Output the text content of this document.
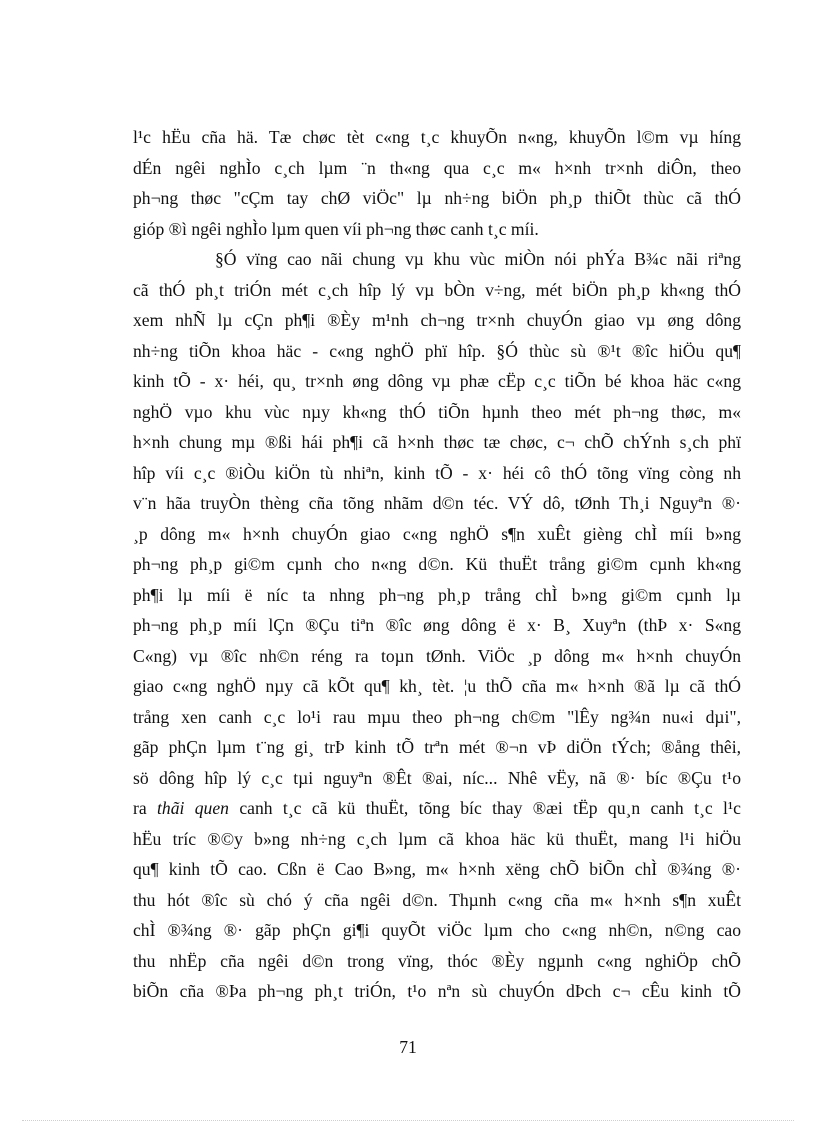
l¹c hËu cña hä. Tæ chøc tèt c«ng t¸c khuyÕn n«ng, khuyÕn l©m vµ híng
dÉn ngêi nghÌo c¸ch lµm ¨n th«ng qua c¸c m« h×nh tr×nh diÔn, theo
ph¬ng thøc "cÇm tay chØ viÖc" lµ nh÷ng biÖn ph¸p thiÕt thùc cã thÓ
gióp ®ì ngêi nghÌo lµm quen víi ph¬ng thøc canh t¸c míi.
§Ó vïng cao nãi chung vµ khu vùc miÒn nói phÝa B¾c nãi riªng
cã thÓ ph¸t triÓn mét c¸ch hîp lý vµ bÒn v÷ng, mét biÖn ph¸p kh«ng thÓ
xem nhÑ lµ cÇn ph¶i ®Èy m¹nh ch¬ng tr×nh chuyÓn giao vµ øng dông
nh÷ng tiÕn khoa häc - c«ng nghÖ phï hîp. §Ó thùc sù ®¹t ®îc hiÖu qu¶
kinh tÕ - x· héi, qu¸ tr×nh øng dông vµ phæ cËp c¸c tiÕn bé khoa häc c«ng
nghÖ vµo khu vùc nµy kh«ng thÓ tiÕn hµnh theo mét ph¬ng thøc, m«
h×nh chung mµ ®ßi hái ph¶i cã h×nh thøc tæ chøc, c¬ chÕ chÝnh s¸ch phï
hîp víi c¸c ®iÒu kiÖn tù nhiªn, kinh tÕ - x· héi cô thÓ tõng vïng còng nh
v¨n hãa truyÒn thèng cña tõng nhãm d©n téc. VÝ dô, tØnh Th¸i Nguyªn ®·
¸p dông m« h×nh chuyÓn giao c«ng nghÖ s¶n xuÊt gièng chÌ míi b»ng
ph¬ng ph¸p gi©m cµnh cho n«ng d©n. Kü thuËt trång gi©m cµnh kh«ng
ph¶i lµ míi ë níc ta nhng ph¬ng ph¸p trång chÌ b»ng gi©m cµnh lµ
ph¬ng ph¸p míi lÇn ®Çu tiªn ®îc øng dông ë x· B¸ Xuyªn (thÞ x· S«ng
C«ng) vµ ®îc nh©n réng ra toµn tØnh. ViÖc ¸p dông m« h×nh chuyÓn
giao c«ng nghÖ nµy cã kÕt qu¶ kh¸ tèt. ¦u thÕ cña m« h×nh ®ã lµ cã thÓ
trång xen canh c¸c lo¹i rau mµu theo ph¬ng ch©m "lÊy ng¾n nu«i dµi",
gãp phÇn lµm t¨ng gi¸ trÞ kinh tÕ trªn mét ®¬n vÞ diÖn tÝch; ®ång thêi,
sö dông hîp lý c¸c tµi nguyªn ®Êt ®ai, níc... Nhê vËy, nã ®· bíc ®Çu t¹o
ra thãi quen canh t¸c cã kü thuËt, tõng bíc thay ®æi tËp qu¸n canh t¸c l¹c
hËu tríc ®©y b»ng nh÷ng c¸ch lµm cã khoa häc kü thuËt, mang l¹i hiÖu
qu¶ kinh tÕ cao. Cßn ë Cao B»ng, m« h×nh xëng chÕ biÕn chÌ ®¾ng ®·
thu hót ®îc sù chó ý cña ngêi d©n. Thµnh c«ng cña m« h×nh s¶n xuÊt
chÌ ®¾ng ®· gãp phÇn gi¶i quyÕt viÖc lµm cho c«ng nh©n, n©ng cao
thu nhËp cña ngêi d©n trong vïng, thóc ®Èy ngµnh c«ng nghiÖp chÕ
biÕn cña ®Þa ph¬ng ph¸t triÓn, t¹o nªn sù chuyÓn dÞch c¬ cÊu kinh tÕ
71
